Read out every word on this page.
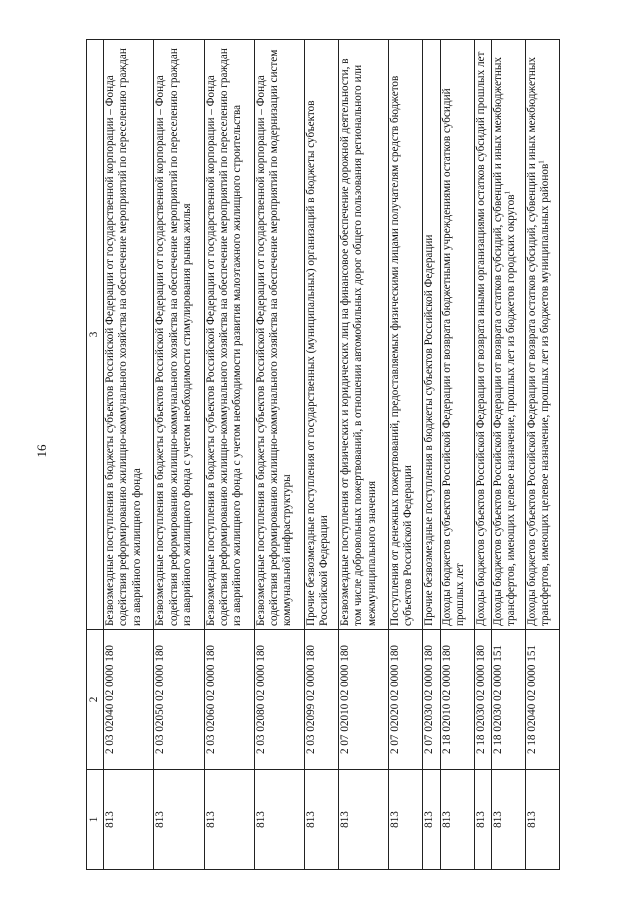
16
1	2	3
813	2 03 02040 02 0000 180	Безвозмездные поступления в бюджеты субъектов Российской Федерации от государственной корпорации – Фонда содействия реформированию жилищно-коммунального хозяйства на обеспечение мероприятий по переселению граждан из аварийного жилищного фонда
813	2 03 02050 02 0000 180	Безвозмездные поступления в бюджеты субъектов Российской Федерации от государственной корпорации – Фонда содействия реформированию жилищно-коммунального хозяйства на обеспечение мероприятий по переселению граждан из аварийного жилищного фонда с учетом необходимости стимулирования рынка жилья
813	2 03 02060 02 0000 180	Безвозмездные поступления в бюджеты субъектов Российской Федерации от государственной корпорации – Фонда содействия реформированию жилищно-коммунального хозяйства на обеспечение мероприятий по переселению граждан из аварийного жилищного фонда с учетом необходимости развития малоэтажного жилищного строительства
813	2 03 02080 02 0000 180	Безвозмездные поступления в бюджеты субъектов Российской Федерации от государственной корпорации – Фонда содействия реформированию жилищно-коммунального хозяйства на обеспечение мероприятий по модернизации систем коммунальной инфраструктуры
813	2 03 02099 02 0000 180	Прочие безвозмездные поступления от государственных (муниципальных) организаций в бюджеты субъектов Российской Федерации
813	2 07 02010 02 0000 180	Безвозмездные поступления от физических и юридических лиц на финансовое обеспечение дорожной деятельности, в том числе добровольных пожертвований, в отношении автомобильных дорог общего пользования регионального или межмуниципального значения
813	2 07 02020 02 0000 180	Поступления от денежных пожертвований, предоставляемых физическими лицами получателям средств бюджетов субъектов Российской Федерации
813	2 07 02030 02 0000 180	Прочие безвозмездные поступления в бюджеты субъектов Российской Федерации
813	2 18 02010 02 0000 180	Доходы бюджетов субъектов Российской Федерации от возврата бюджетными учреждениями остатков субсидий прошлых лет
813	2 18 02030 02 0000 180	Доходы бюджетов субъектов Российской Федерации от возврата иными организациями остатков субсидий прошлых лет
813	2 18 02030 02 0000 151	Доходы бюджетов субъектов Российской Федерации от возврата остатков субсидий, субвенций и иных межбюджетных трансфертов, имеющих целевое назначение, прошлых лет из бюджетов городских округов$^1$
813	2 18 02040 02 0000 151	Доходы бюджетов субъектов Российской Федерации от возврата остатков субсидий, субвенций и иных межбюджетных трансфертов, имеющих целевое назначение, прошлых лет из бюджетов муниципальных районов$^1$
